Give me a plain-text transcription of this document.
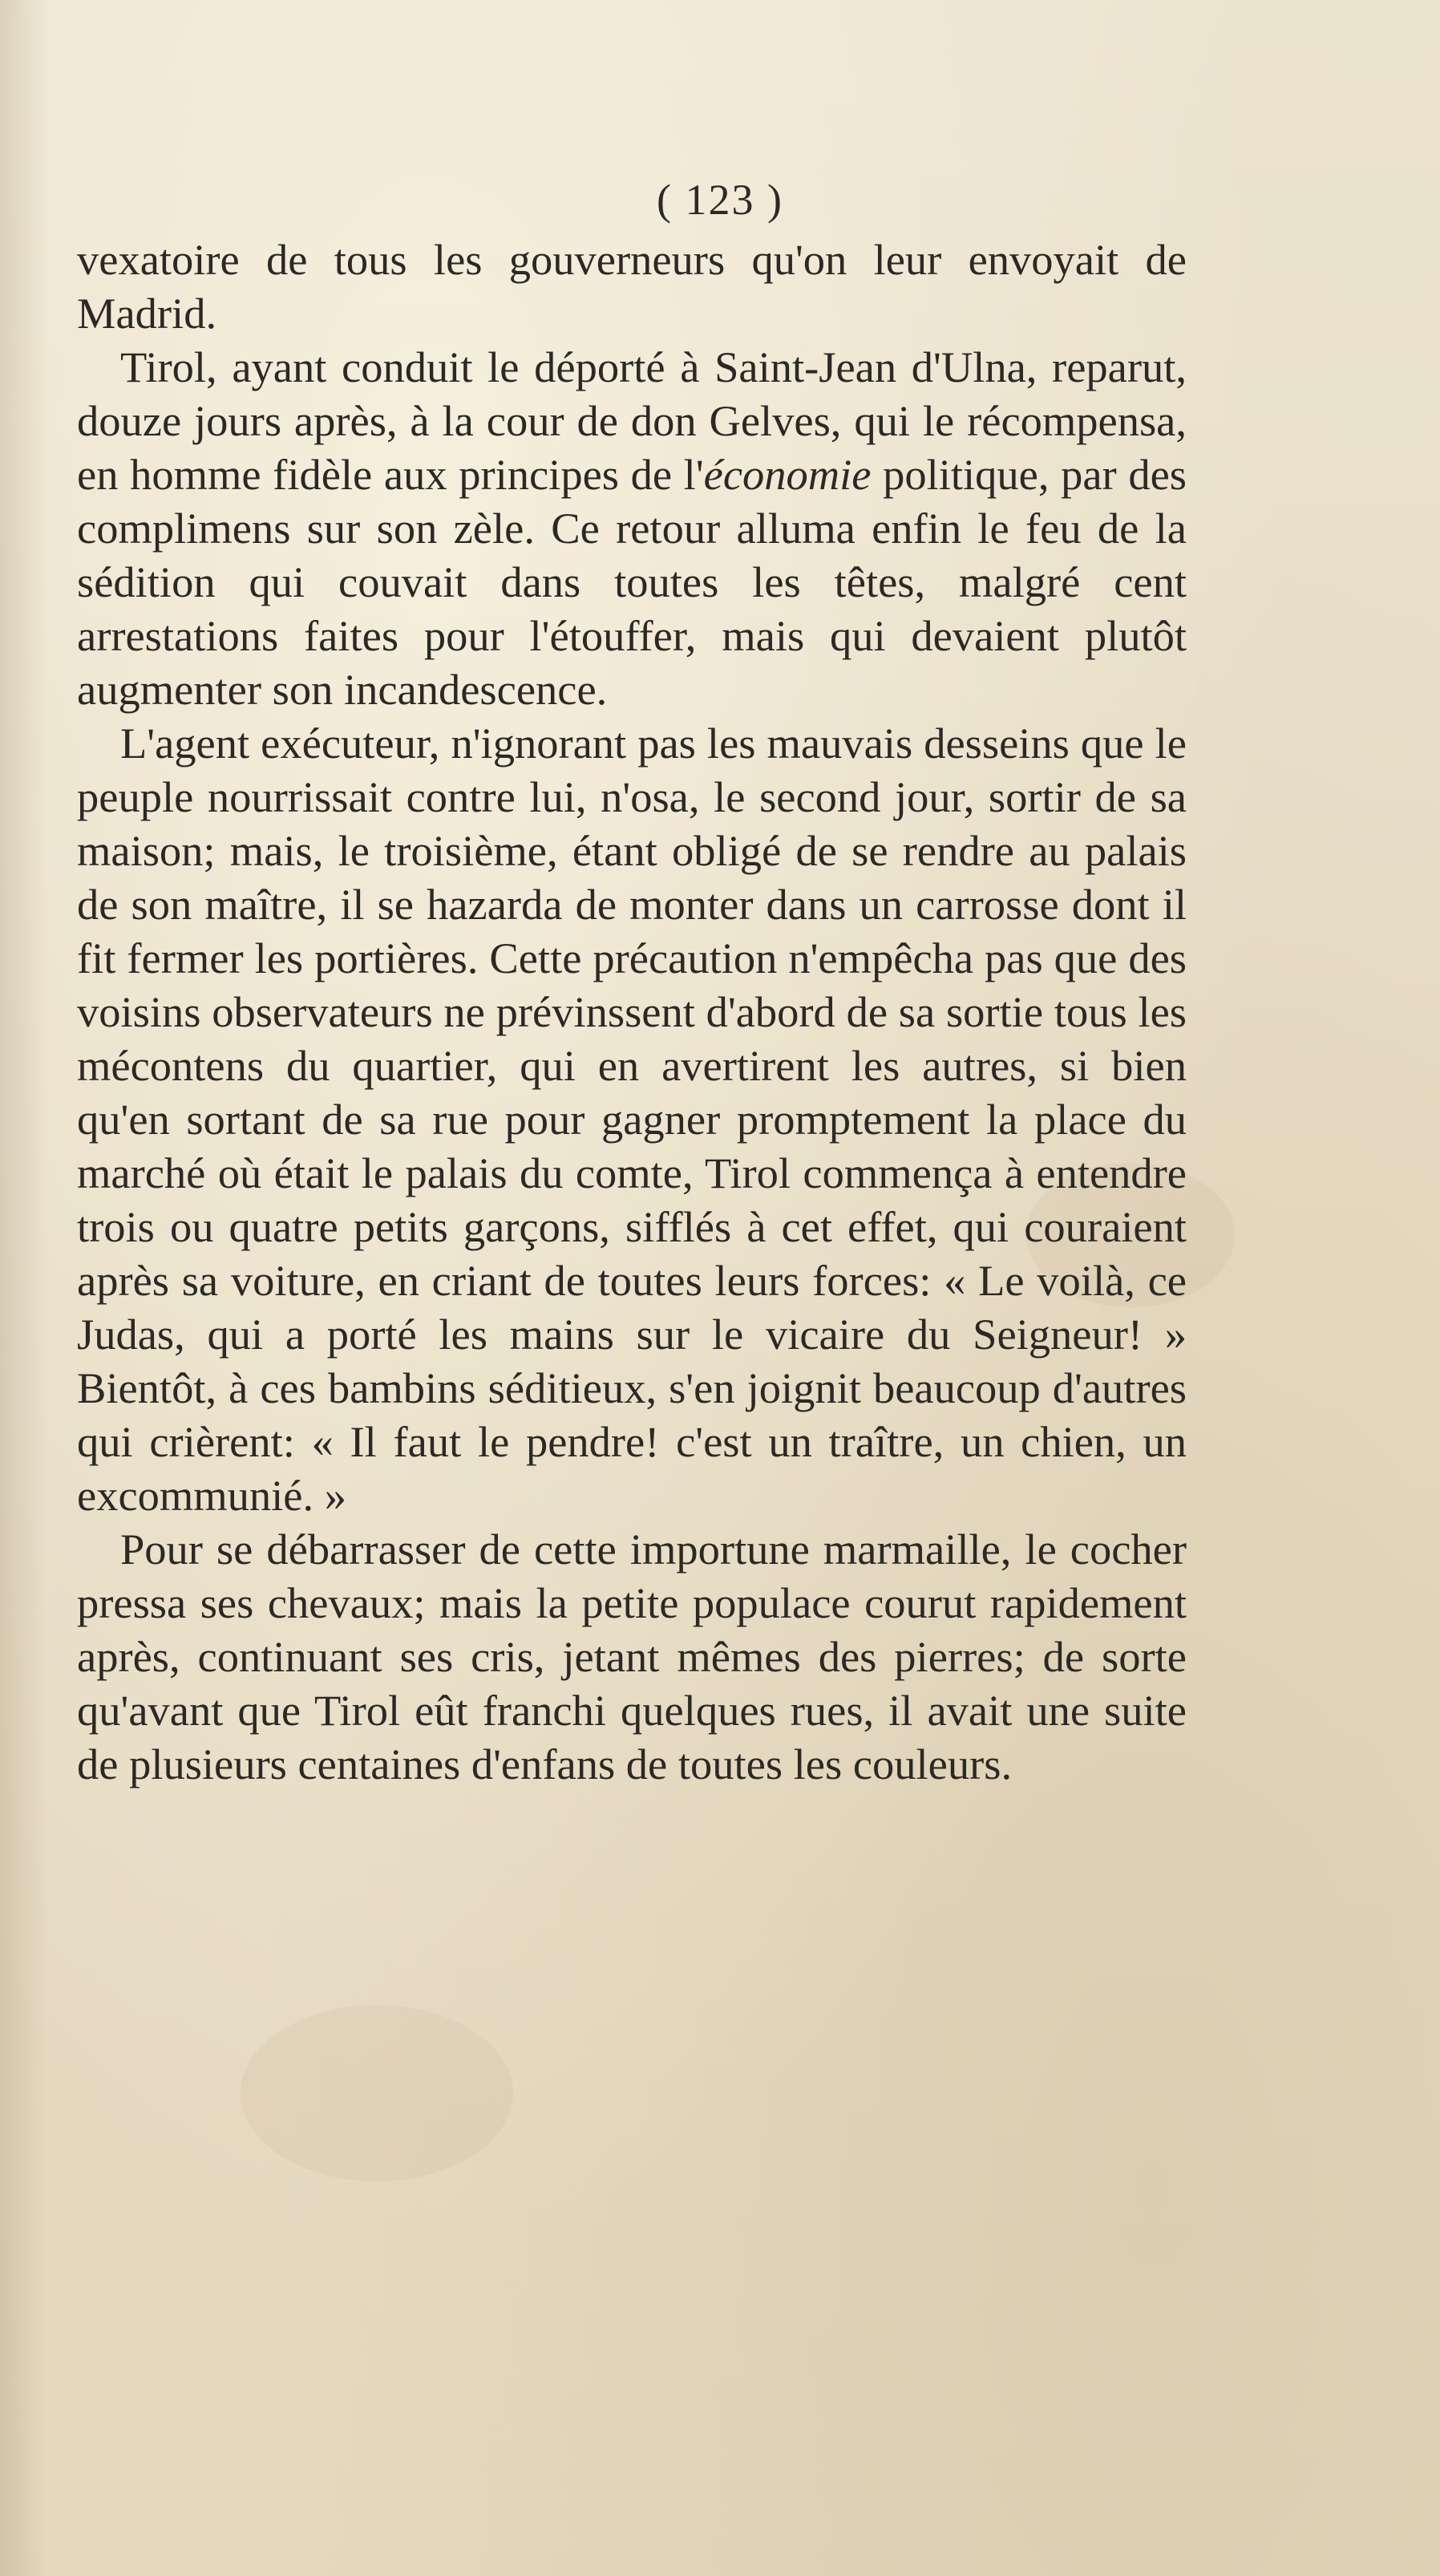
( 123 )

vexatoire de tous les gouverneurs qu'on leur envoyait de Madrid.

Tirol, ayant conduit le déporté à Saint-Jean d'Ulna, reparut, douze jours après, à la cour de don Gelves, qui le récompensa, en homme fidèle aux principes de l'économie politique, par des complimens sur son zèle. Ce retour alluma enfin le feu de la sédition qui couvait dans toutes les têtes, malgré cent arrestations faites pour l'étouffer, mais qui devaient plutôt augmenter son incandescence.

L'agent exécuteur, n'ignorant pas les mauvais desseins que le peuple nourrissait contre lui, n'osa, le second jour, sortir de sa maison; mais, le troisième, étant obligé de se rendre au palais de son maître, il se hazarda de monter dans un carrosse dont il fit fermer les portières. Cette précaution n'empêcha pas que des voisins observateurs ne prévinssent d'abord de sa sortie tous les mécontens du quartier, qui en avertirent les autres, si bien qu'en sortant de sa rue pour gagner promptement la place du marché où était le palais du comte, Tirol commença à entendre trois ou quatre petits garçons, sifflés à cet effet, qui couraient après sa voiture, en criant de toutes leurs forces: « Le voilà, ce Judas, qui a porté les mains sur le vicaire du Seigneur! » Bientôt, à ces bambins séditieux, s'en joignit beaucoup d'autres qui crièrent: « Il faut le pendre! c'est un traître, un chien, un excommunié. »

Pour se débarrasser de cette importune marmaille, le cocher pressa ses chevaux; mais la petite populace courut rapidement après, continuant ses cris, jetant mêmes des pierres; de sorte qu'avant que Tirol eût franchi quelques rues, il avait une suite de plusieurs centaines d'enfans de toutes les couleurs.
